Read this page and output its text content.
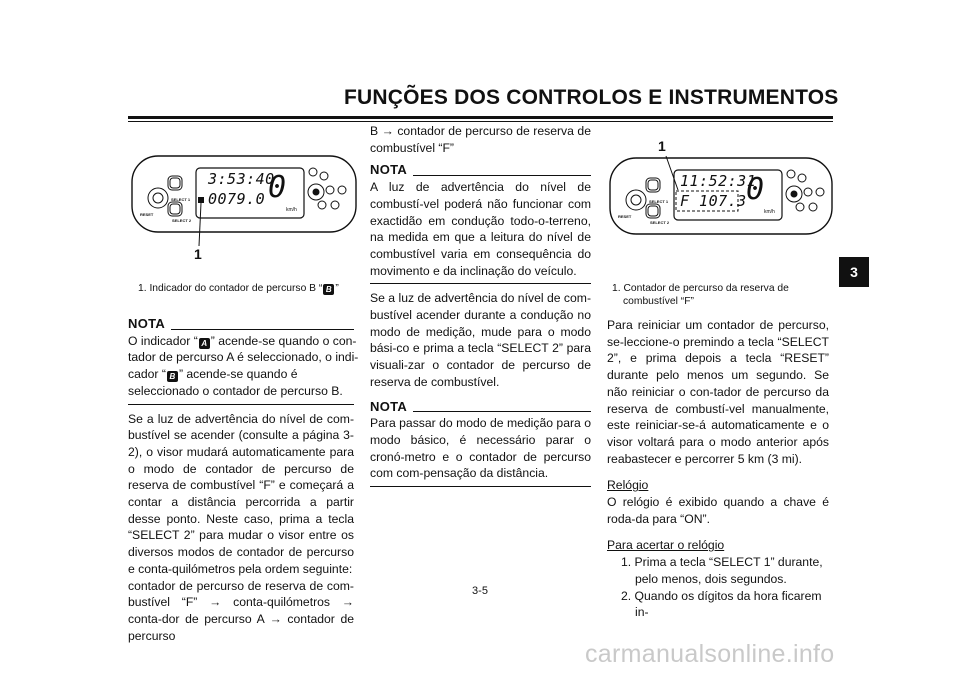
FUNÇÕES DOS CONTROLOS E INSTRUMENTOS
3
RESET
SELECT 1
SELECT 2
3:53:40
0079.0 0
km/h
1
1. Indicador do contador de percurso B “ B ”
NOTA

O indicador “ A ” acende-se quando o con-

tador de percurso A é seleccionado, o indi-

cador “ B ” acende-se quando é

seleccionado o contador de percurso B.

Se a luz de advertência do nível de com-bustível se acender (consulte a página 3-2), o visor mudará automaticamente para o modo de contador de percurso de reserva de combustível “F” e começará a contar a distância percorrida a partir desse ponto. Neste caso, prima a tecla “SELECT 2” para mudar o visor entre os diversos modos de contador de percurso e conta-quilómetros pela ordem seguinte:

contador de percurso de reserva de com-bustível “F” → conta-quilómetros → conta-dor de percurso A → contador de percurso

B → contador de percurso de reserva de combustível “F”

NOTA

A luz de advertência do nível de combustí-vel poderá não funcionar com exactidão em condução todo-o-terreno, na medida em que a leitura do nível de combustível varia em consequência do movimento e da inclinação do veículo.

Se a luz de advertência do nível de com-bustível acender durante a condução no modo de medição, mude para o modo bási-co e prima a tecla “SELECT 2” para visuali-zar o contador de percurso de reserva de combustível.

NOTA

Para passar do modo de medição para o modo básico, é necessário parar o cronó-metro e o contador de percurso com com-pensação da distância.

RESET
SELECT 1
SELECT 2
11:52:31
F 107.3 0
km/h
1
1. Contador de percurso da reserva de
combustível “F”

Para reiniciar um contador de percurso, se-leccione-o premindo a tecla “SELECT 2”, e prima depois a tecla “RESET” durante pelo menos um segundo. Se não reiniciar o con-tador de percurso da reserva de combustí-vel manualmente, este reiniciar-se-á automaticamente e o visor voltará para o modo anterior após reabastecer e percorrer 5 km (3 mi).

Relógio

O relógio é exibido quando a chave é roda-da para “ON”.

Para acertar o relógio

1. Prima a tecla “SELECT 1” durante, pelo menos, dois segundos.

2. Quando os dígitos da hora ficarem in-

3-5
carmanualsonline.info
